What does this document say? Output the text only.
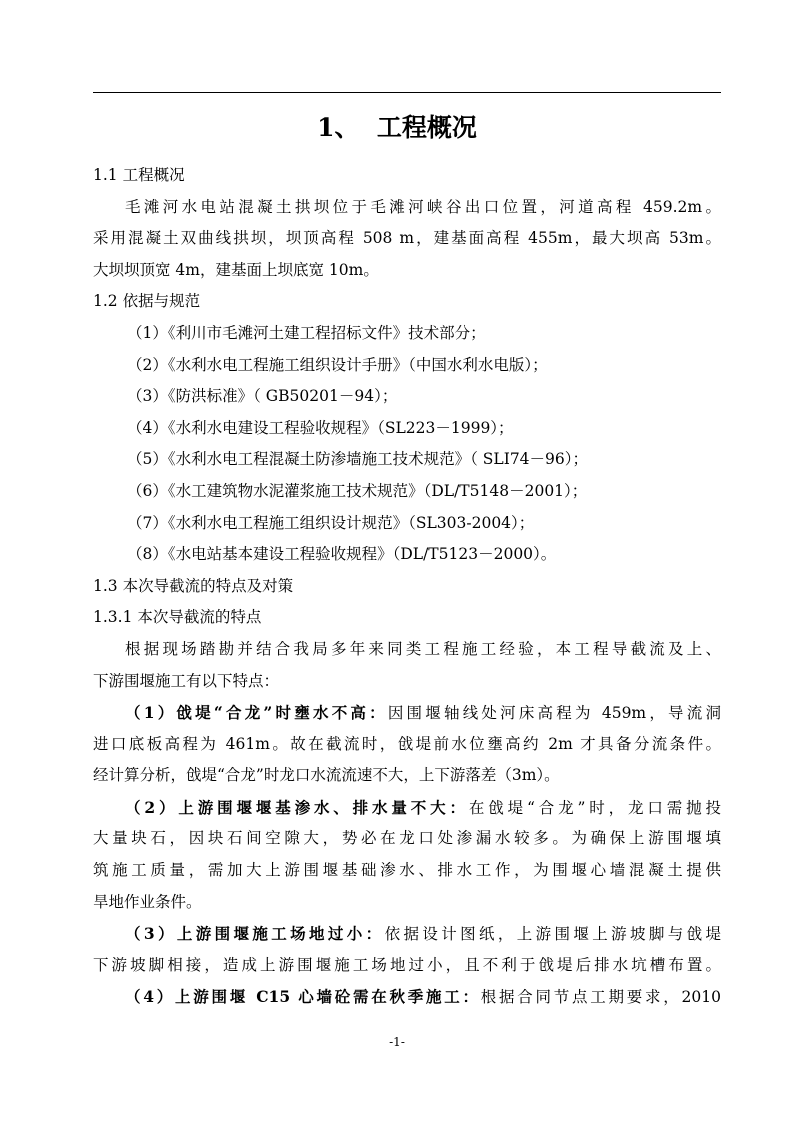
1、  工程概况
1.1 工程概况
毛滩河水电站混凝土拱坝位于毛滩河峡谷出口位置，河道高程 459.2m。
采用混凝土双曲线拱坝，坝顶高程 508 m，建基面高程 455m，最大坝高 53m。
大坝坝顶宽 4m，建基面上坝底宽 10m。
1.2 依据与规范
（1）《利川市毛滩河土建工程招标文件》技术部分；
（2）《水利水电工程施工组织设计手册》（中国水利水电版）；
（3）《防洪标准》（ GB50201－94）；
（4）《水利水电建设工程验收规程》（SL223－1999）；
（5）《水利水电工程混凝土防渗墙施工技术规范》（ SLI74－96）；
（6）《水工建筑物水泥灌浆施工技术规范》（DL/T5148－2001）；
（7）《水利水电工程施工组织设计规范》（SL303-2004）；
（8）《水电站基本建设工程验收规程》（DL/T5123－2000）。
1.3 本次导截流的特点及对策
1.3.1 本次导截流的特点
根据现场踏勘并结合我局多年来同类工程施工经验，本工程导截流及上、
下游围堰施工有以下特点：
（1）戗堤“合龙”时壅水不高：因围堰轴线处河床高程为 459m，导流洞
进口底板高程为 461m。故在截流时，戗堤前水位壅高约 2m 才具备分流条件。
经计算分析，戗堤“合龙”时龙口水流流速不大，上下游落差（3m）。
（2）上游围堰堰基渗水、排水量不大：在戗堤“合龙”时，龙口需抛投
大量块石，因块石间空隙大，势必在龙口处渗漏水较多。为确保上游围堰填
筑施工质量，需加大上游围堰基础渗水、排水工作，为围堰心墙混凝土提供
旱地作业条件。
（3）上游围堰施工场地过小：依据设计图纸，上游围堰上游坡脚与戗堤
下游坡脚相接，造成上游围堰施工场地过小，且不利于戗堤后排水坑槽布置。
（4）上游围堰 C15 心墙砼需在秋季施工：根据合同节点工期要求，2010
-1-
